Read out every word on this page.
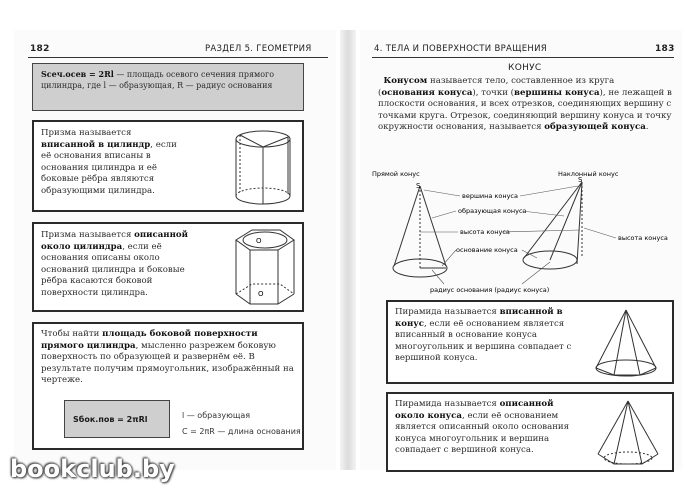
182	РАЗДЕЛ 5. ГЕОМЕТРИЯ
Sсеч.осев = 2Rl — площадь осевого сечения прямого цилиндра, где l — образующая, R — радиус основания
Призма называется вписанной в цилиндр, если её основания вписаны в основания цилиндра и её боковые рёбра являются образующими цилиндра.
Призма называется описанной около цилиндра, если её основания описаны около оснований цилиндра и боковые рёбра касаются боковой поверхности цилиндра.
O
O
Чтобы найти площадь боковой поверхности прямого цилиндра, мысленно разрежем боковую поверхность по образующей и развернём её. В результате получим прямоугольник, изображённый на чертеже.
Sбок.пов = 2πRl	l — образующая
C = 2πR — длина основания
4. ТЕЛА И ПОВЕРХНОСТИ ВРАЩЕНИЯ	183
КОНУС
Конусом называется тело, составленное из круга (основания конуса), точки (вершины конуса), не лежащей в плоскости основания, и всех отрезков, соединяющих вершину с точками круга. Отрезок, соединяющий вершину конуса и точку окружности основания, называется образующей конуса.
Прямой конус	Наклонный конус
S
S
вершина конуса
образующая конуса
высота конуса
основание конуса
высота конуса
радиус основания (радиус конуса)
Пирамида называется вписанной в конус, если её основанием является вписанный в основание конуса многоугольник и вершина совпадает с вершиной конуса.
Пирамида называется описанной около конуса, если её основанием является описанный около основания конуса многоугольник и вершина совпадает с вершиной конуса.
bookclub.by
